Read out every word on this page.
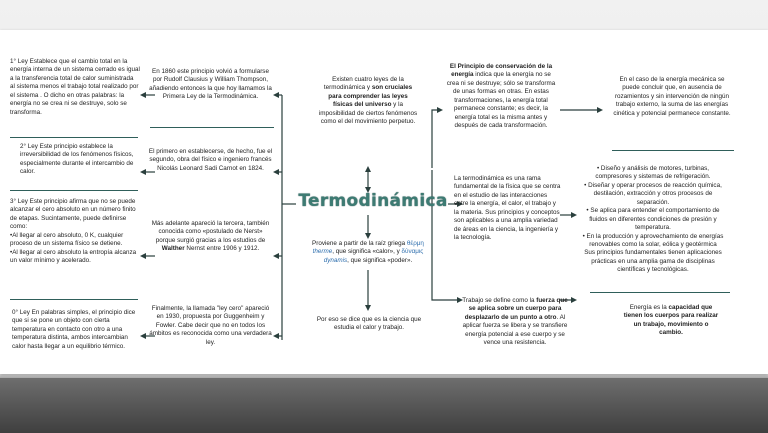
1° Ley Establece que el cambio total en la energía interna de un sistema cerrado es igual a la transferencia total de calor suministrada al sistema menos el trabajo total realizado por el sistema . O dicho en otras palabras: la energía no se crea ni se destruye, solo se transforma.
2° Ley Este principio establece la irreversibilidad de los fenómenos físicos, especialmente durante el intercambio de calor.
3° Ley Este principio afirma que no se puede alcanzar el cero absoluto en un número finito de etapas. Sucintamente, puede definirse como:
•Al llegar al cero absoluto, 0 K, cualquier proceso de un sistema físico se detiene.
•Al llegar al cero absoluto la entropía alcanza un valor mínimo y acelerado.
0° Ley En palabras simples, el principio dice que si se pone un objeto con cierta temperatura en contacto con otro a una temperatura distinta, ambos intercambian calor hasta llegar a un equilibrio térmico.
En 1860 este principio volvió a formularse por Rudolf Clausius y William Thompson, añadiendo entonces la que hoy llamamos la Primera Ley de la Termodinámica.
El primero en establecerse, de hecho, fue el segundo, obra del físico e ingeniero francés Nicolás Leonard Sadi Carnot en 1824.
Más adelante apareció la tercera, también conocida como «postulado de Nerst» porque surgió gracias a los estudios de Walther Nernst entre 1906 y 1912.
Finalmente, la llamada "ley cero" apareció en 1930, propuesta por Guggenheim y Fowler. Cabe decir que no en todos los ámbitos es reconocida como una verdadera ley.
Existen cuatro leyes de la termodinámica y son cruciales para comprender las leyes físicas del universo y la imposibilidad de ciertos fenómenos como el del movimiento perpetuo.
Termodinámica
Proviene a partir de la raíz griega θέρμη therme, que significa «calor», y δύναμις dynamis, que significa «poder».
Por eso se dice que es la ciencia que estudia el calor y trabajo.
El Principio de conservación de la energía indica que la energía no se crea ni se destruye; sólo se transforma de unas formas en otras. En estas transformaciones, la energía total permanece constante; es decir, la energía total es la misma antes y después de cada transformación.
La termodinámica es una rama fundamental de la física que se centra en el estudio de las interacciones entre la energía, el calor, el trabajo y la materia. Sus principios y conceptos son aplicables a una amplia variedad de áreas en la ciencia, la ingeniería y la tecnología.
Trabajo se define como la fuerza que se aplica sobre un cuerpo para desplazarlo de un punto a otro. Al aplicar fuerza se libera y se transfiere energía potencial a ese cuerpo y se vence una resistencia.
En el caso de la energía mecánica se puede concluir que, en ausencia de rozamientos y sin intervención de ningún trabajo externo, la suma de las energías cinética y potencial permanece constante.
• Diseño y análisis de motores, turbinas, compresores y sistemas de refrigeración.
• Diseñar y operar procesos de reacción química, destilación, extracción y otros procesos de separación.
• Se aplica para entender el comportamiento de fluidos en diferentes condiciones de presión y temperatura.
• En la producción y aprovechamiento de energías renovables como la solar, eólica y geotérmica
Sus principios fundamentales tienen aplicaciones prácticas en una amplia gama de disciplinas científicas y tecnológicas.
Energía es la capacidad que tienen los cuerpos para realizar un trabajo, movimiento o cambio.
